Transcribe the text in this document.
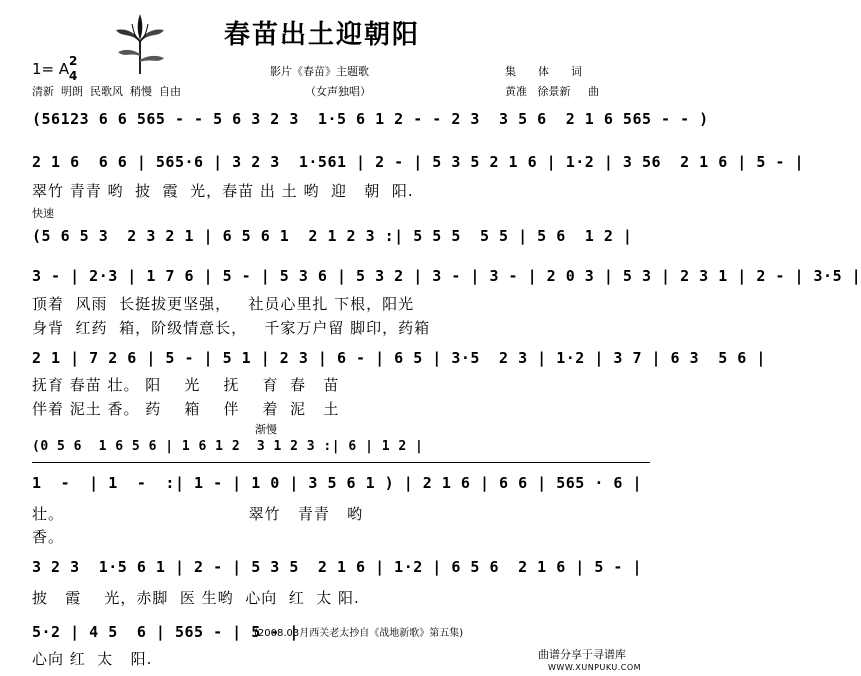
春苗出土迎朝阳
1= A 2
4	影片《春苗》主题歌	集　　体　　词
清新  明朗  民歌风  稍慢  自由	（女声独唱）	黄准   徐景新     曲
(56123 6 6 565 - - 5 6 3 2 3  1·5 6 1 2 - - 2 3  3 5 6  2 1 6 565 - - )
2 1 6  6 6 | 565·6 | 3 2 3  1·561 | 2 - | 5 3 5 2 1 6 | 1·2 | 3 56  2 1 6 | 5 - |
翠竹 青青 哟  披  霞  光，春苗 出 土 哟  迎   朝  阳.
快速
(5 6 5 3  2 3 2 1 | 6 5 6 1  2 1 2 3 :| 5 5 5  5 5 | 5 6  1 2 |
3 - | 2·3 | 1 7 6 | 5 - | 5 3 6 | 5 3 2 | 3 - | 3 - | 2 0 3 | 5 3 | 2 3 1 | 2 - | 3·5 |
顶着  风雨  长挺拔更坚强，   社员心里扎 下根，阳光
身背  红药  箱，阶级情意长，   千家万户留 脚印，药箱
2 1 | 7 2 6 | 5 - | 5 1 | 2 3 | 6 - | 6 5 | 3·5  2 3 | 1·2 | 3 7 | 6 3  5 6 |
抚育 春苗 壮。 阳    光    抚    育  春   苗
伴着 泥土 香。 药    箱    伴    着  泥   土
渐慢
(0 5 6  1 6 5 6 | 1 6 1 2  3 1 2 3 :| 6 | 1 2 |
1  -  | 1  -  :| 1 - | 1 0 | 3 5 6 1 ) | 2 1 6 | 6 6 | 565 · 6 |
壮。                                翠竹   青青   哟
香。
3 2 3  1·5 6 1 | 2 - | 5 3 5  2 1 6 | 1·2 | 6 5 6  2 1 6 | 5 - |
披   霞    光，赤脚  医 生哟  心向  红  太 阳.
5·2 | 4 5  6 | 565 - | 5 - |
(2008.03月西关老太抄自《战地新歌》第五集)
心向 红  太   阳.	曲谱分享于寻谱库
WWW.XUNPUKU.COM
